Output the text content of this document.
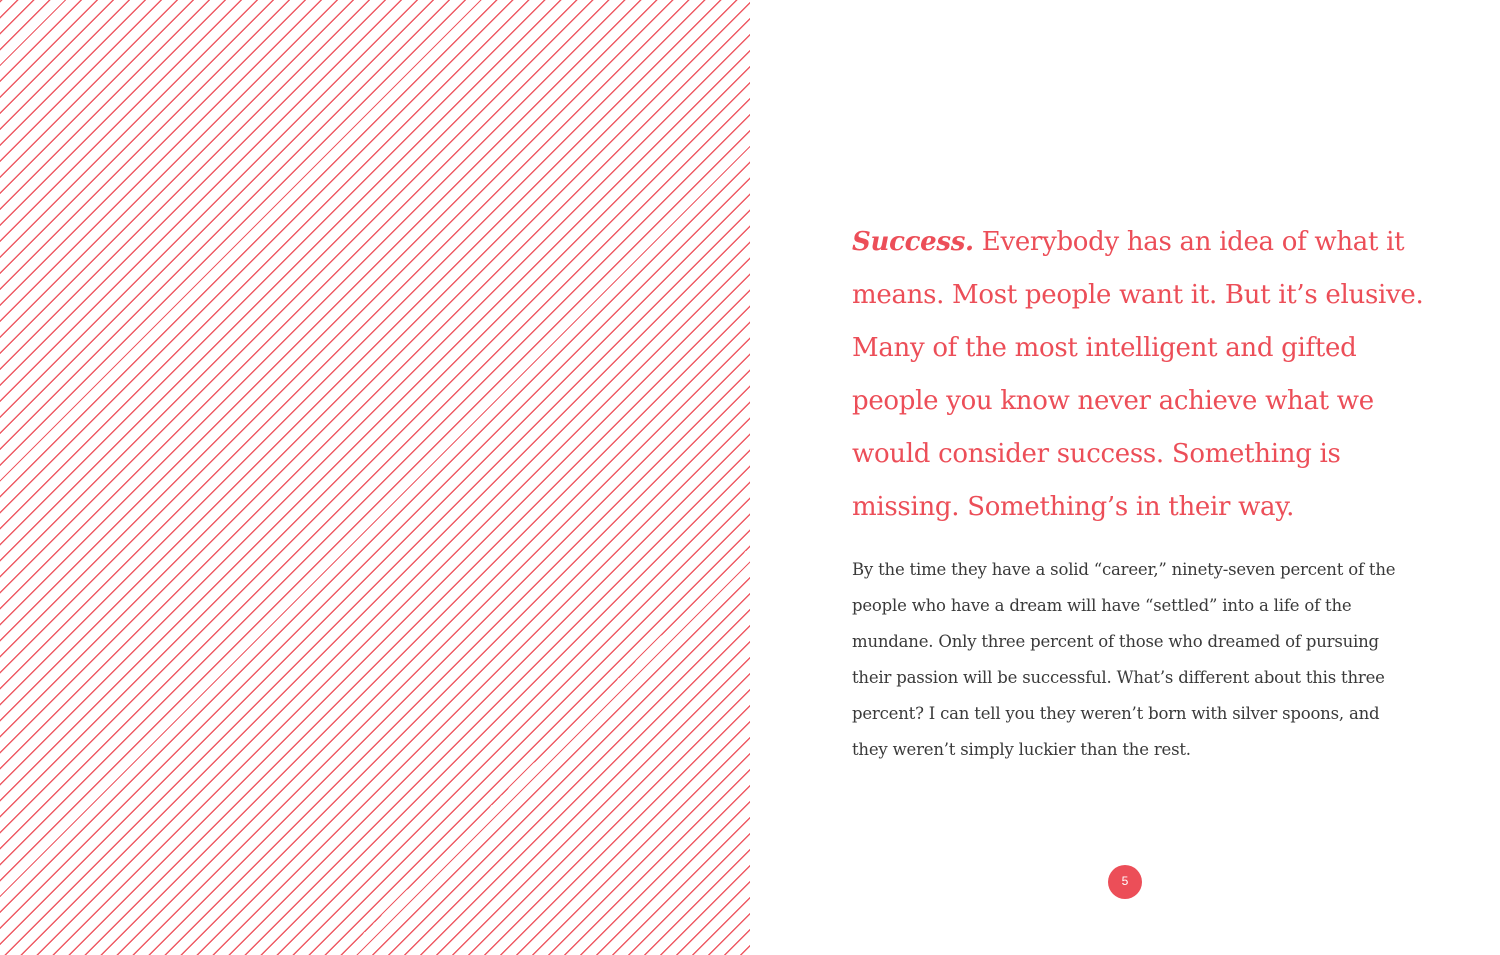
Success. Everybody has an idea of what it means. Most people want it. But it’s elusive. Many of the most intelligent and gifted people you know never achieve what we would consider success. Something is missing. Something’s in their way.

By the time they have a solid “career,” ninety-seven percent of the people who have a dream will have “settled” into a life of the mundane. Only three percent of those who dreamed of pursuing their passion will be successful. What’s different about this three percent? I can tell you they weren’t born with silver spoons, and they weren’t simply luckier than the rest.

5
